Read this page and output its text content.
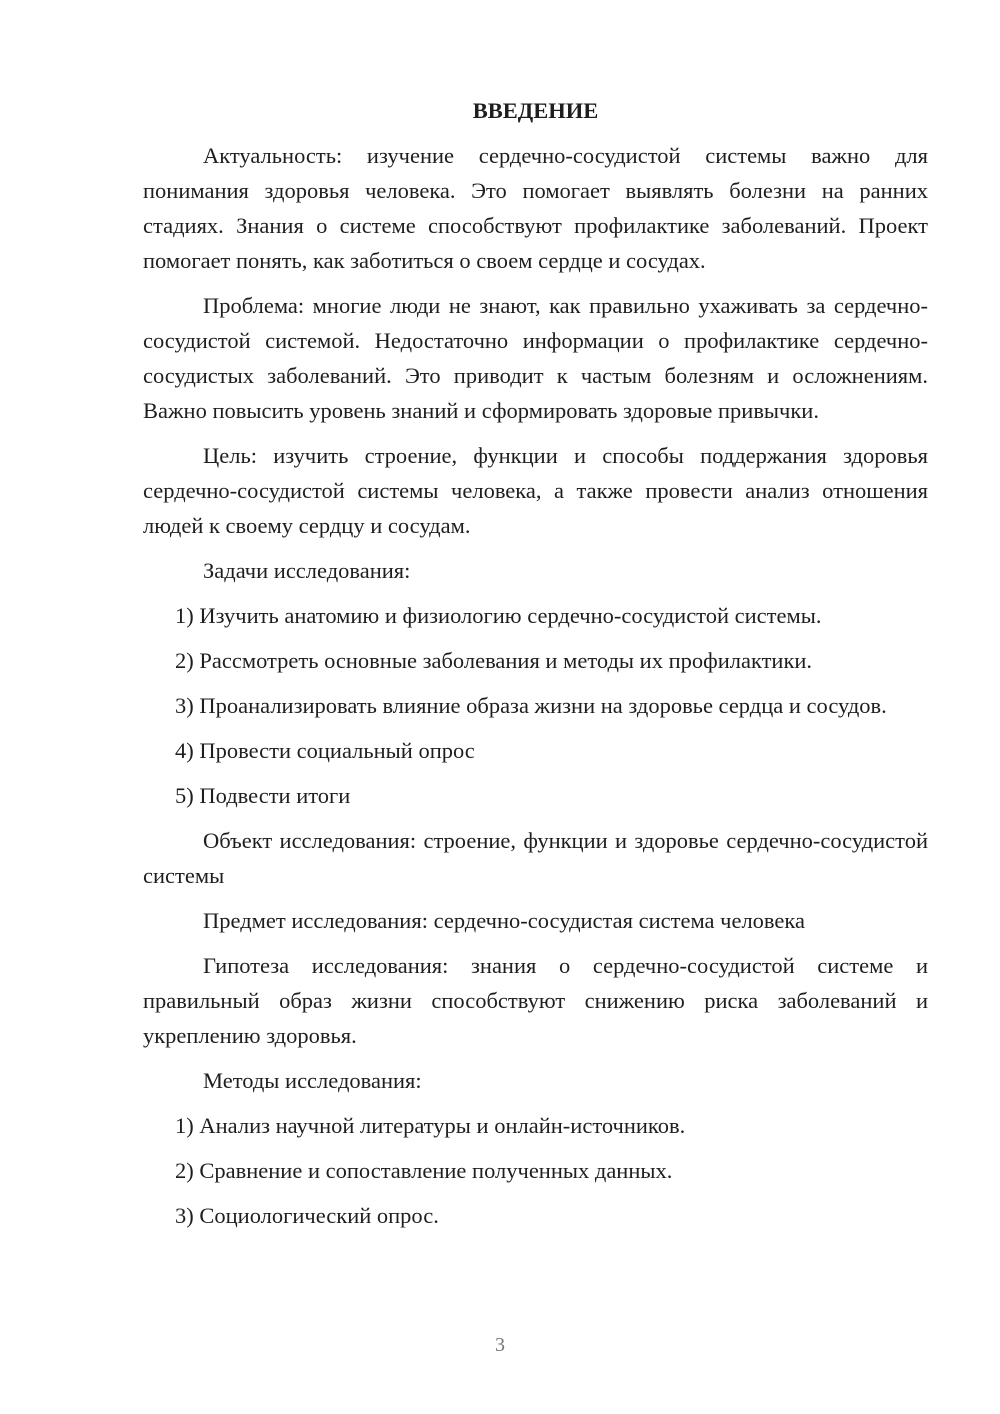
ВВЕДЕНИЕ

Актуальность: изучение сердечно-сосудистой системы важно для понимания здоровья человека. Это помогает выявлять болезни на ранних стадиях. Знания о системе способствуют профилактике заболеваний. Проект помогает понять, как заботиться о своем сердце и сосудах.

Проблема: многие люди не знают, как правильно ухаживать за сердечно-сосудистой системой. Недостаточно информации о профилактике сердечно-сосудистых заболеваний. Это приводит к частым болезням и осложнениям. Важно повысить уровень знаний и сформировать здоровые привычки.

Цель: изучить строение, функции и способы поддержания здоровья сердечно-сосудистой системы человека, а также провести анализ отношения людей к своему сердцу и сосудам.

Задачи исследования:

1) Изучить анатомию и физиологию сердечно-сосудистой системы.

2) Рассмотреть основные заболевания и методы их профилактики.

3) Проанализировать влияние образа жизни на здоровье сердца и сосудов.

4) Провести социальный опрос

5) Подвести итоги

Объект исследования: строение, функции и здоровье сердечно-сосудистой системы

Предмет исследования: сердечно-сосудистая система человека

Гипотеза исследования: знания о сердечно-сосудистой системе и правильный образ жизни способствуют снижению риска заболеваний и укреплению здоровья.

Методы исследования:

1) Анализ научной литературы и онлайн-источников.

2) Сравнение и сопоставление полученных данных.

3) Социологический опрос.

3
